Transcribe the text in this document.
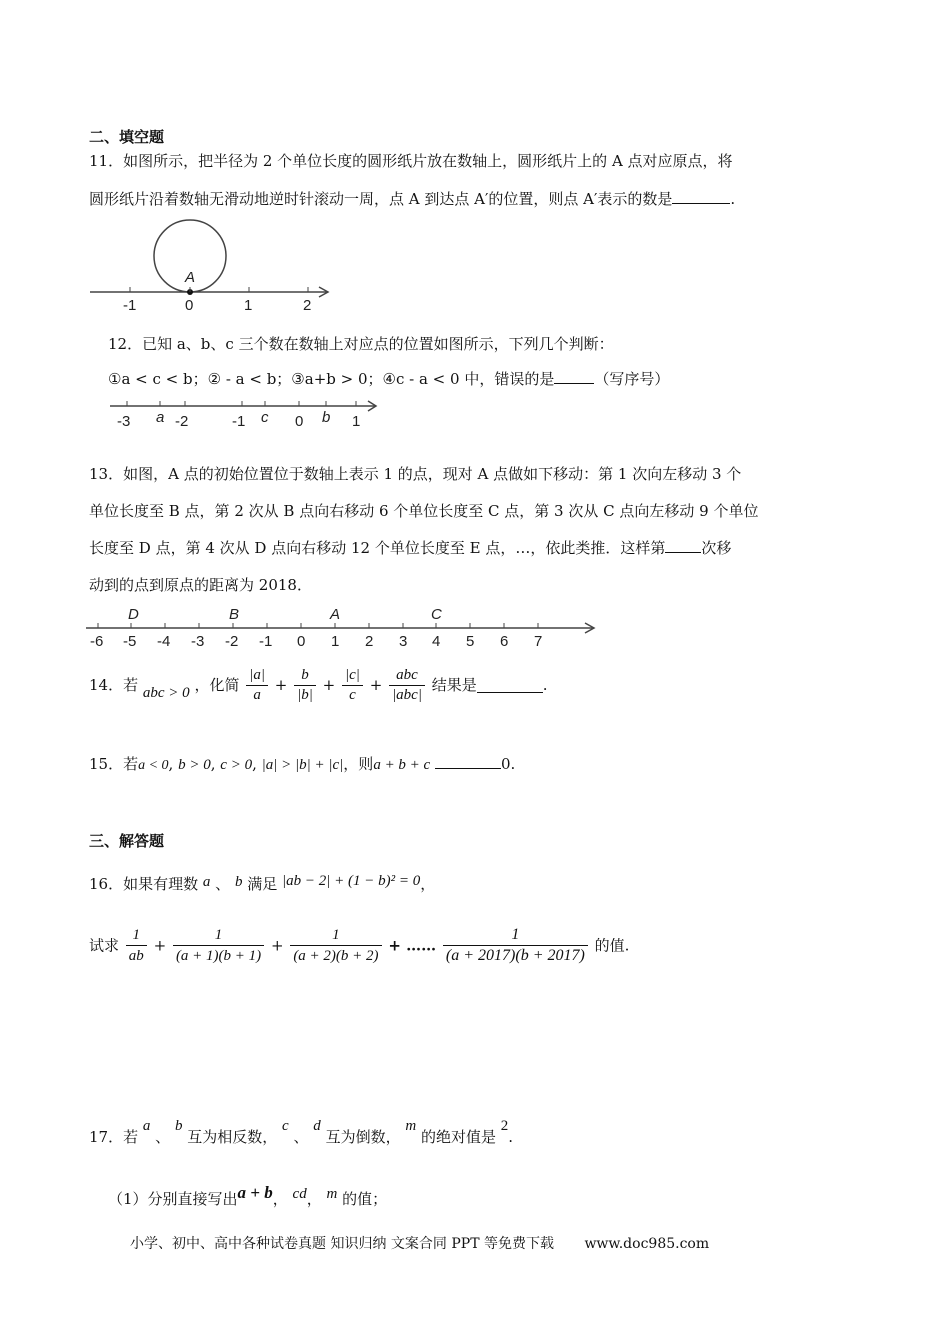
二、填空题
11．如图所示，把半径为 2 个单位长度的圆形纸片放在数轴上，圆形纸片上的 A 点对应原点，将
圆形纸片沿着数轴无滑动地逆时针滚动一周，点 A 到达点 A′的位置，则点 A′表示的数是	.
A
-1	0	1	2
12．已知 a、b、c 三个数在数轴上对应点的位置如图所示，下列几个判断：
①a < c < b；② ‐ a < b；③a+b > 0；④c ‐ a < 0 中，错误的是	（写序号）
-3	-2	-1	0	1
a	c	b
13．如图，A 点的初始位置位于数轴上表示 1 的点，现对 A 点做如下移动：第 1 次向左移动 3 个
单位长度至 B 点，第 2 次从 B 点向右移动 6 个单位长度至 C 点，第 3 次从 C 点向左移动 9 个单位
长度至 D 点，第 4 次从 D 点向右移动 12 个单位长度至 E 点，…，依此类推．这样第 次移
动到的点到原点的距离为 2018．
-6 -5 -4 -3 -2 -1 0 1 2 3 4 5 6 7
D	B	A	C
14．若 abc > 0 ，化简 $\frac{|a|}{a} + \frac{b}{|b|} + \frac{|c|}{c} + \frac{\text{abc}}{\text{|abc|}}$ 结果是	.
15．若a < 0, b > 0, c > 0, |a| > |b| + |c|，则a + b + c	0.
三、解答题
16．如果有理数 a 、 b 满足 |ab − 2| + (1 − b)² = 0，
试求 $\frac{1}{ab} + \frac{1}{(a + 1)(b + 1)} + \frac{1}{(a + 2)(b + 2)}$ + …… $\frac{1}{(a + 2017)(b + 2017)}$ 的值.
17．若 a 、 b 互为相反数， c 、 d 互为倒数， m 的绝对值是 2.
（1）分别直接写出a + b， cd， m 的值；
小学、初中、高中各种试卷真题 知识归纳 文案合同 PPT 等免费下载 www.doc985.com
